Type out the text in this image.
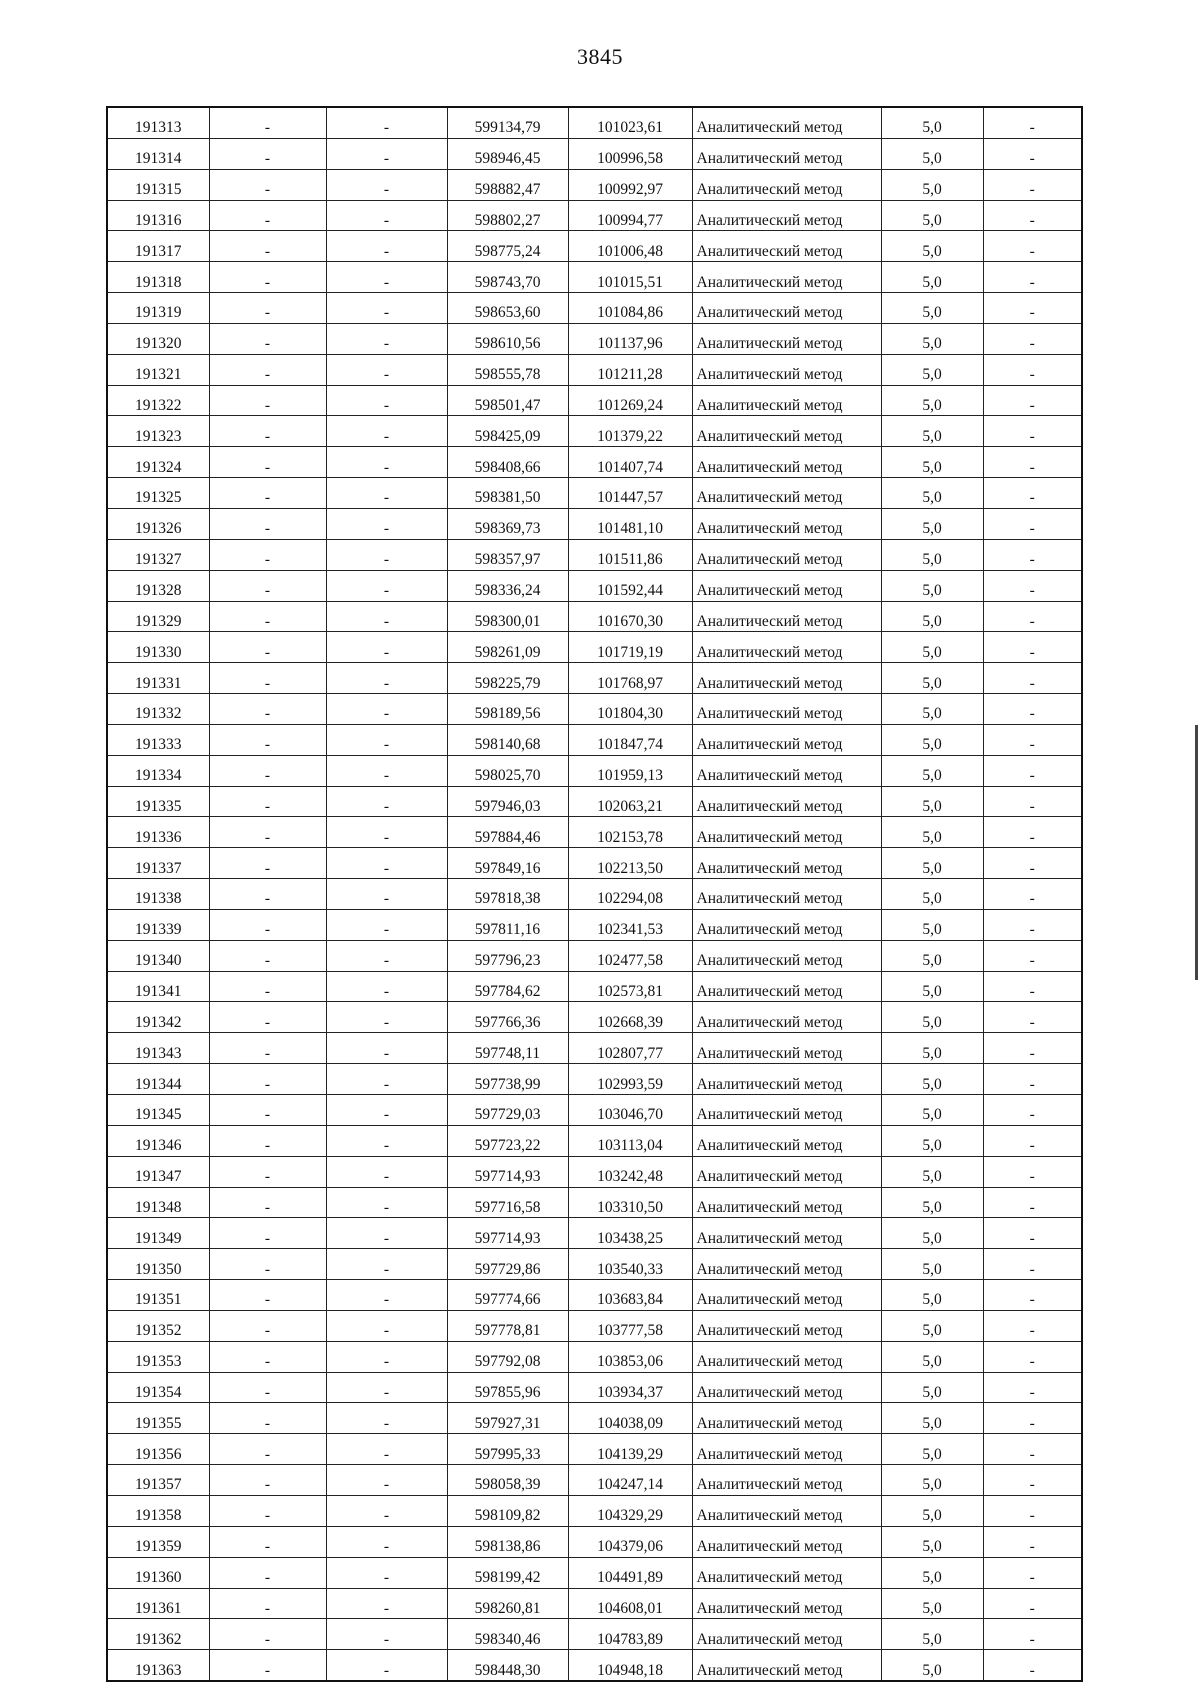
3845
191313	-	-	599134,79	101023,61	Аналитический метод	5,0	-
191314	-	-	598946,45	100996,58	Аналитический метод	5,0	-
191315	-	-	598882,47	100992,97	Аналитический метод	5,0	-
191316	-	-	598802,27	100994,77	Аналитический метод	5,0	-
191317	-	-	598775,24	101006,48	Аналитический метод	5,0	-
191318	-	-	598743,70	101015,51	Аналитический метод	5,0	-
191319	-	-	598653,60	101084,86	Аналитический метод	5,0	-
191320	-	-	598610,56	101137,96	Аналитический метод	5,0	-
191321	-	-	598555,78	101211,28	Аналитический метод	5,0	-
191322	-	-	598501,47	101269,24	Аналитический метод	5,0	-
191323	-	-	598425,09	101379,22	Аналитический метод	5,0	-
191324	-	-	598408,66	101407,74	Аналитический метод	5,0	-
191325	-	-	598381,50	101447,57	Аналитический метод	5,0	-
191326	-	-	598369,73	101481,10	Аналитический метод	5,0	-
191327	-	-	598357,97	101511,86	Аналитический метод	5,0	-
191328	-	-	598336,24	101592,44	Аналитический метод	5,0	-
191329	-	-	598300,01	101670,30	Аналитический метод	5,0	-
191330	-	-	598261,09	101719,19	Аналитический метод	5,0	-
191331	-	-	598225,79	101768,97	Аналитический метод	5,0	-
191332	-	-	598189,56	101804,30	Аналитический метод	5,0	-
191333	-	-	598140,68	101847,74	Аналитический метод	5,0	-
191334	-	-	598025,70	101959,13	Аналитический метод	5,0	-
191335	-	-	597946,03	102063,21	Аналитический метод	5,0	-
191336	-	-	597884,46	102153,78	Аналитический метод	5,0	-
191337	-	-	597849,16	102213,50	Аналитический метод	5,0	-
191338	-	-	597818,38	102294,08	Аналитический метод	5,0	-
191339	-	-	597811,16	102341,53	Аналитический метод	5,0	-
191340	-	-	597796,23	102477,58	Аналитический метод	5,0	-
191341	-	-	597784,62	102573,81	Аналитический метод	5,0	-
191342	-	-	597766,36	102668,39	Аналитический метод	5,0	-
191343	-	-	597748,11	102807,77	Аналитический метод	5,0	-
191344	-	-	597738,99	102993,59	Аналитический метод	5,0	-
191345	-	-	597729,03	103046,70	Аналитический метод	5,0	-
191346	-	-	597723,22	103113,04	Аналитический метод	5,0	-
191347	-	-	597714,93	103242,48	Аналитический метод	5,0	-
191348	-	-	597716,58	103310,50	Аналитический метод	5,0	-
191349	-	-	597714,93	103438,25	Аналитический метод	5,0	-
191350	-	-	597729,86	103540,33	Аналитический метод	5,0	-
191351	-	-	597774,66	103683,84	Аналитический метод	5,0	-
191352	-	-	597778,81	103777,58	Аналитический метод	5,0	-
191353	-	-	597792,08	103853,06	Аналитический метод	5,0	-
191354	-	-	597855,96	103934,37	Аналитический метод	5,0	-
191355	-	-	597927,31	104038,09	Аналитический метод	5,0	-
191356	-	-	597995,33	104139,29	Аналитический метод	5,0	-
191357	-	-	598058,39	104247,14	Аналитический метод	5,0	-
191358	-	-	598109,82	104329,29	Аналитический метод	5,0	-
191359	-	-	598138,86	104379,06	Аналитический метод	5,0	-
191360	-	-	598199,42	104491,89	Аналитический метод	5,0	-
191361	-	-	598260,81	104608,01	Аналитический метод	5,0	-
191362	-	-	598340,46	104783,89	Аналитический метод	5,0	-
191363	-	-	598448,30	104948,18	Аналитический метод	5,0	-
